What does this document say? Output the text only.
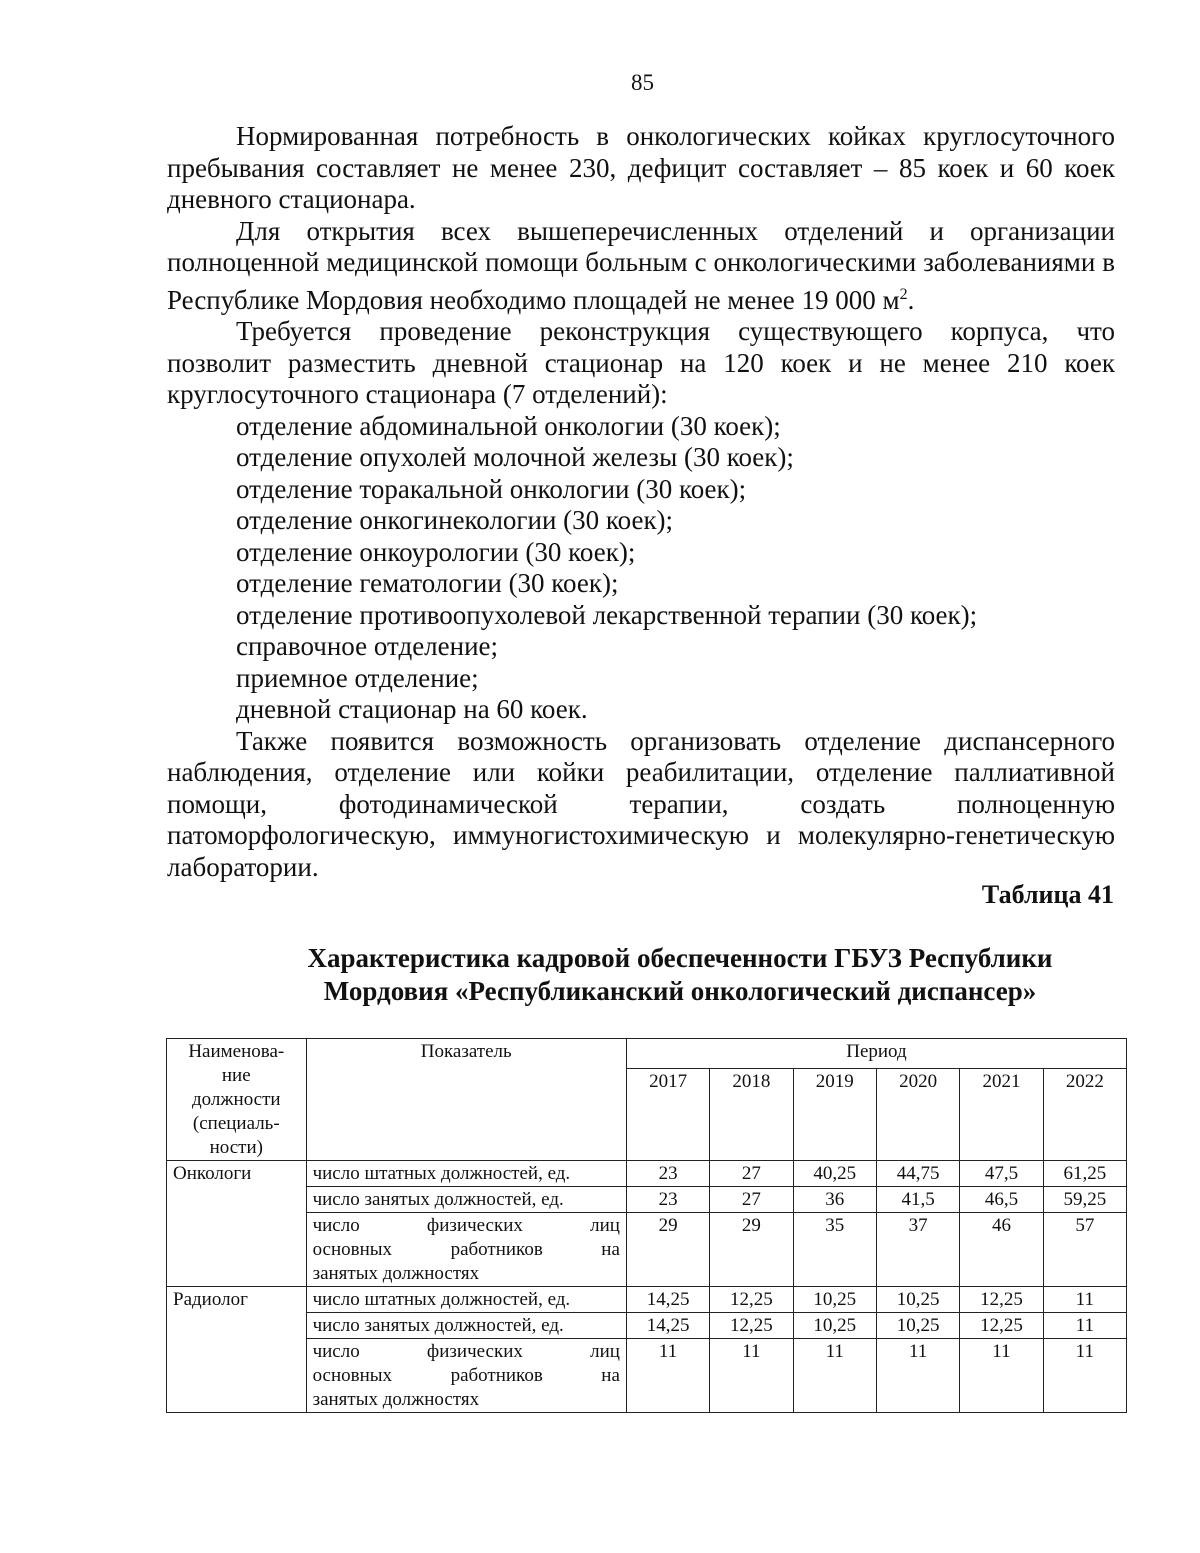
85

Нормированная потребность в онкологических койках круглосуточного пребывания составляет не менее 230, дефицит составляет – 85 коек и 60 коек дневного стационара.

Для открытия всех вышеперечисленных отделений и организации полноценной медицинской помощи больным с онкологическими заболеваниями в Республике Мордовия необходимо площадей не менее 19 000 $м^2$.

Требуется проведение реконструкция существующего корпуса, что позволит разместить дневной стационар на 120 коек и не менее 210 коек круглосуточного стационара (7 отделений):

отделение абдоминальной онкологии (30 коек);

отделение опухолей молочной железы (30 коек);

отделение торакальной онкологии (30 коек);

отделение онкогинекологии (30 коек);

отделение онкоурологии (30 коек);

отделение гематологии (30 коек);

отделение противоопухолевой лекарственной терапии (30 коек);

справочное отделение;

приемное отделение;

дневной стационар на 60 коек.

Также появится возможность организовать отделение диспансерного наблюдения, отделение или койки реабилитации, отделение паллиативной помощи, фотодинамической терапии, создать полноценную патоморфологическую, иммуногистохимическую и молекулярно-генетическую лаборатории.

Таблица 41
Характеристика кадровой обеспеченности ГБУЗ Республики
Мордовия «Республиканский онкологический диспансер»
Наименова-
ние
должности
(специаль-
ности)	Показатель	Период					
		2017	2018	2019	2020	2021	2022
Онкологи	число штатных должностей, ед.	23	27	40,25	44,75	47,5	61,25
	число занятых должностей, ед.	23	27	36	41,5	46,5	59,25

	число физических лиц
основных работников на
занятых должностях	29	29	35	37	46	57
Радиолог	число штатных должностей, ед.	14,25	12,25	10,25	10,25	12,25	11
	число занятых должностей, ед.	14,25	12,25	10,25	10,25	12,25	11

	число физических лиц
основных работников на
занятых должностях	11	11	11	11	11	11
